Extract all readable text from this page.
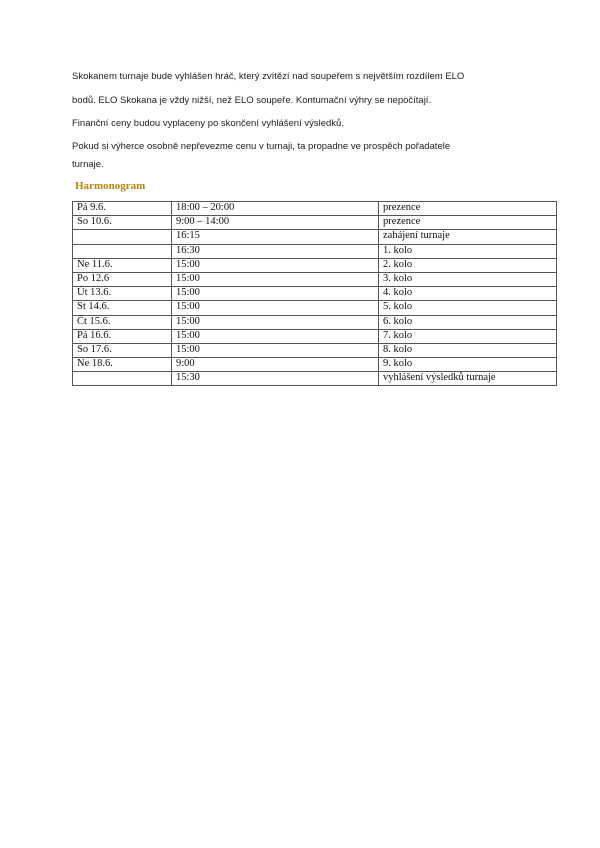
Skokanem turnaje bude vyhlášen hráč, který zvítězí nad soupeřem s největším rozdílem ELO
bodů. ELO Skokana je vždy nižší, než ELO soupeře. Kontumační výhry se nepočítají.
Finanční ceny budou vyplaceny po skončení vyhlášení výsledků.
Pokud si výherce osobně nepřevezme cenu v turnaji, ta propadne ve prospěch pořadatele
turnaje.
Harmonogram
Pá 9.6.	18:00 – 20:00	prezence
So 10.6.	9:00 – 14:00	prezence
	16:15	zahájení turnaje
	16:30	1. kolo
Ne 11.6.	15:00	2. kolo
Po 12.6	15:00	3. kolo
Út 13.6.	15:00	4. kolo
St 14.6.	15:00	5. kolo
Čt 15.6.	15:00	6. kolo
Pá 16.6.	15:00	7. kolo
So 17.6.	15:00	8. kolo
Ne 18.6.	9:00	9. kolo
	15:30	vyhlášení výsledků turnaje
